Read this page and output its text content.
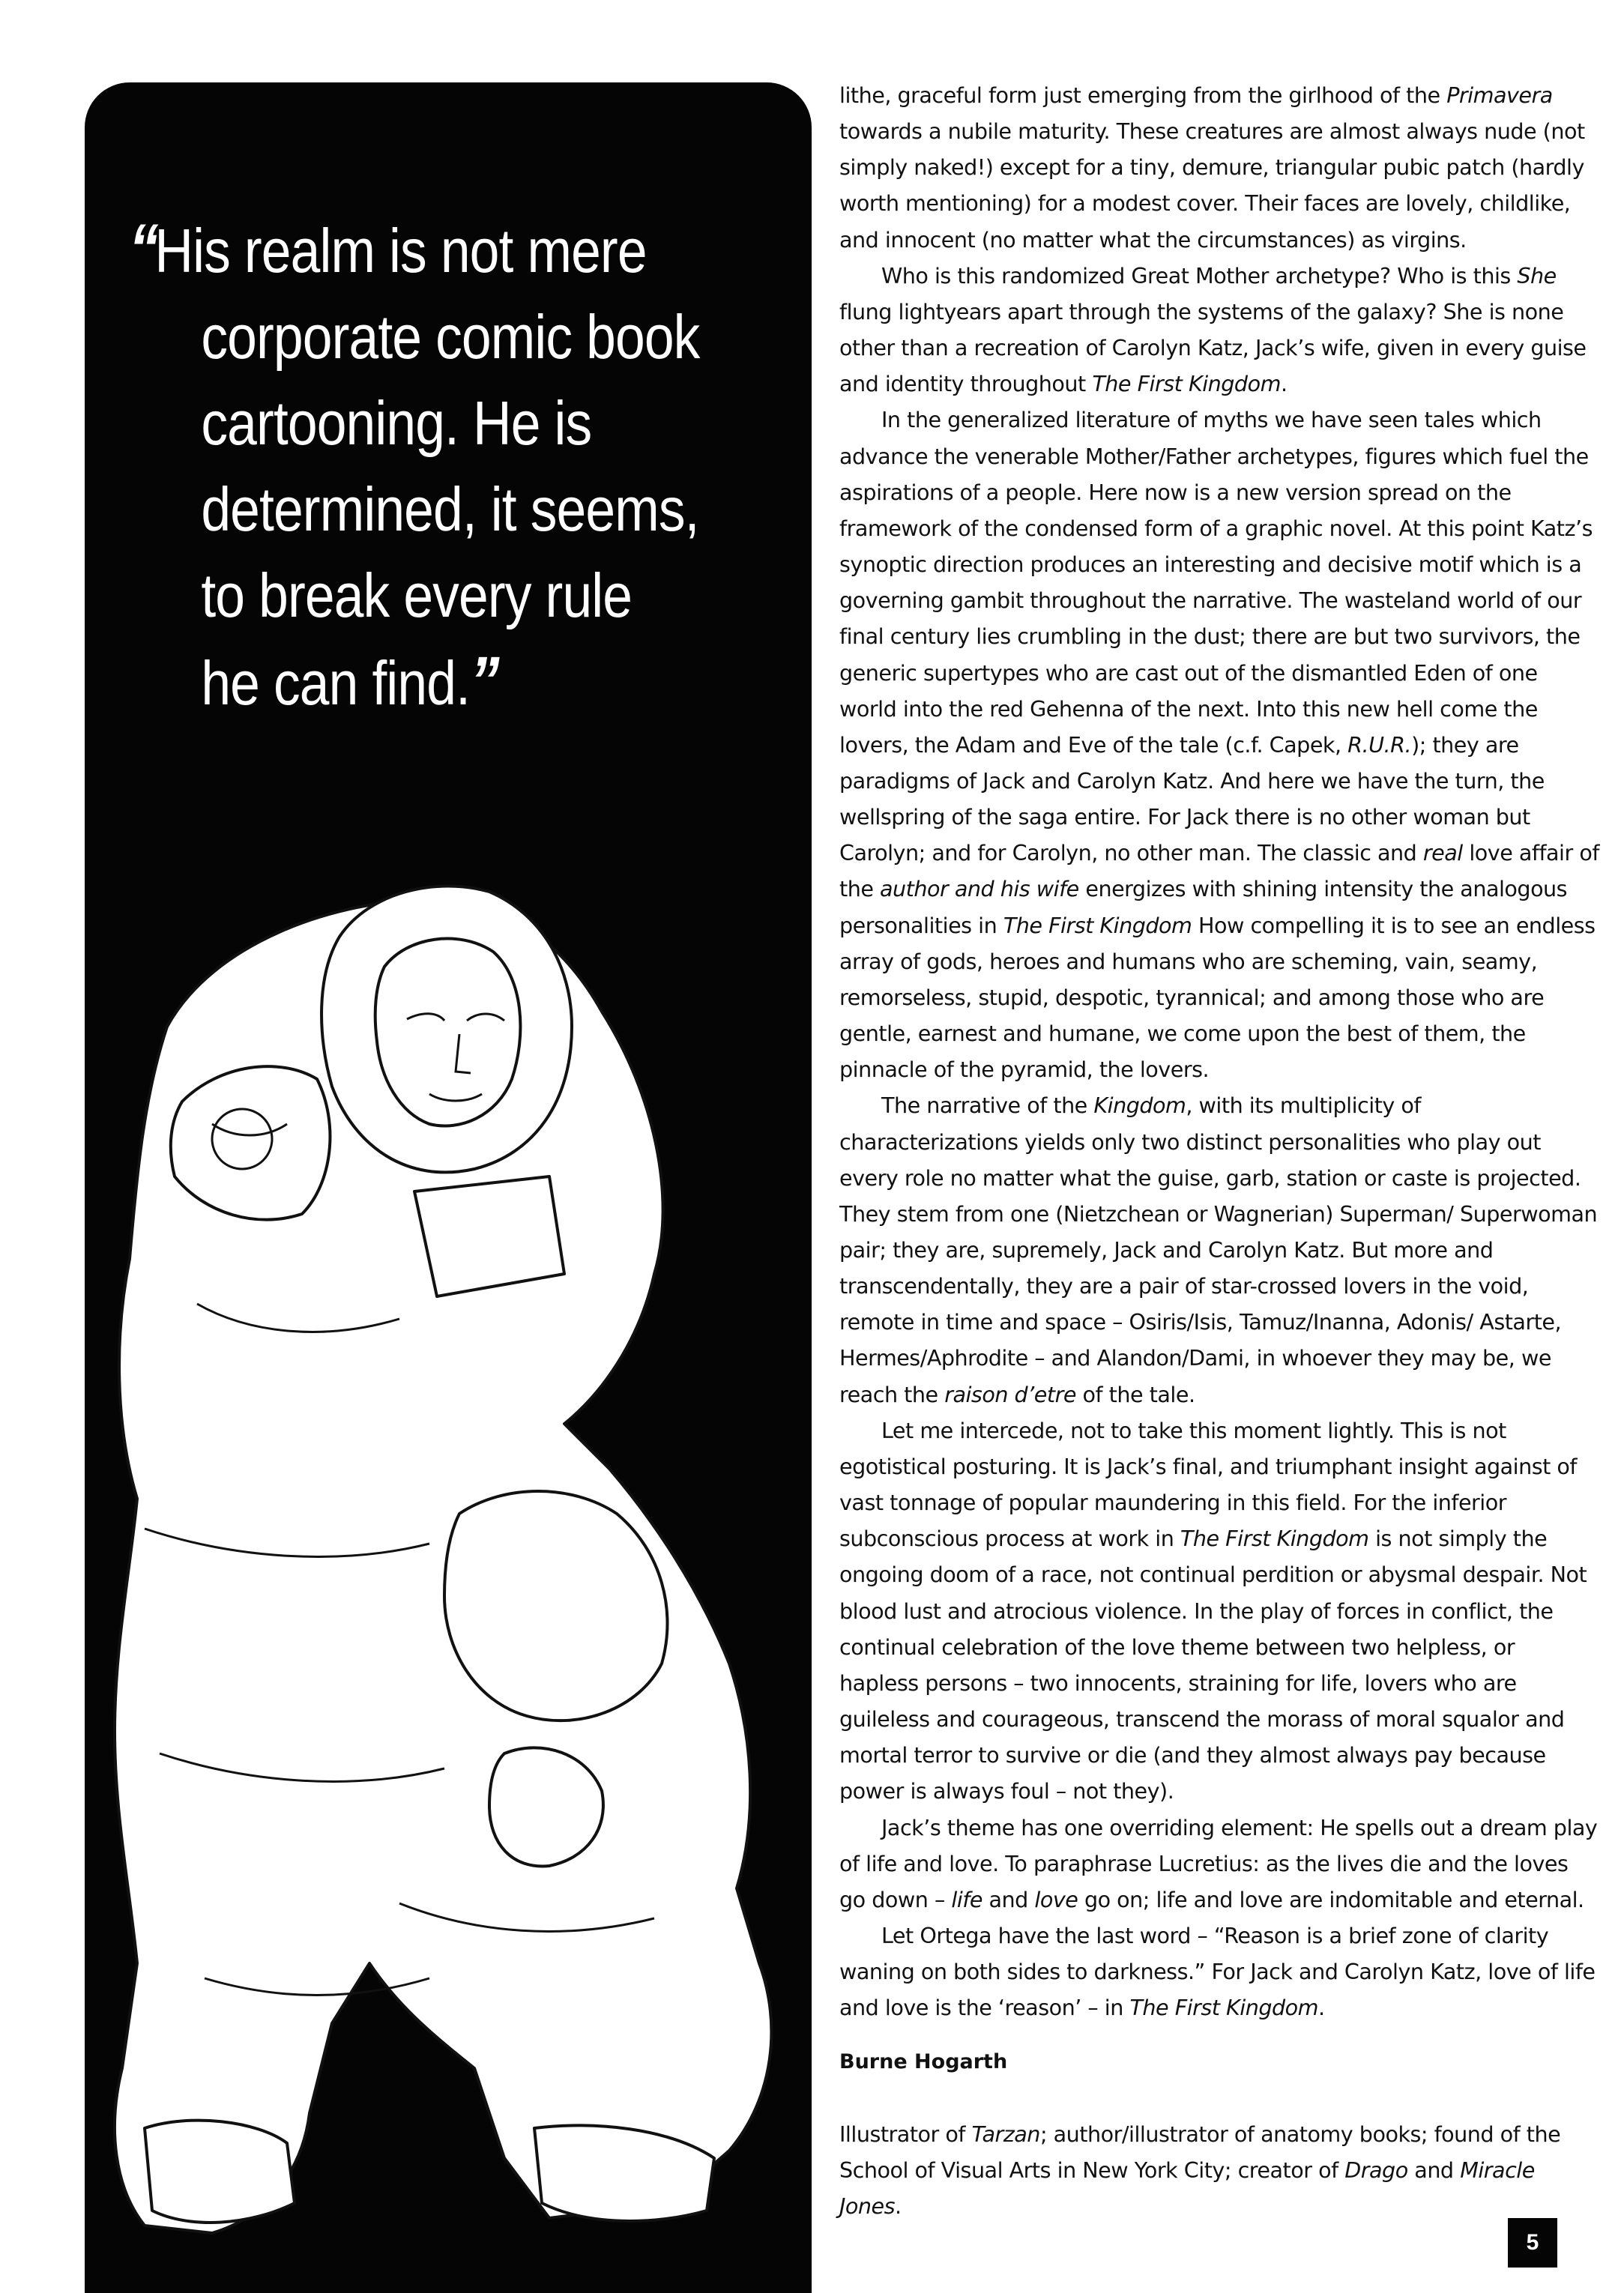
“His realm is not mere
corporate comic book
cartooning. He is
determined, it seems,
to break every rule
he can find.”

lithe, graceful form just emerging from the girlhood of the Primavera towards a nubile maturity. These creatures are almost always nude (not simply naked!) except for a tiny, demure, triangular pubic patch (hardly worth mentioning) for a modest cover. Their faces are lovely, childlike, and innocent (no matter what the circumstances) as virgins.

Who is this randomized Great Mother archetype? Who is this She flung lightyears apart through the systems of the galaxy? She is none other than a recreation of Carolyn Katz, Jack’s wife, given in every guise and identity throughout The First Kingdom.

In the generalized literature of myths we have seen tales which advance the venerable Mother/Father archetypes, figures which fuel the aspirations of a people. Here now is a new version spread on the framework of the condensed form of a graphic novel. At this point Katz’s synoptic direction produces an interesting and decisive motif which is a governing gambit throughout the narrative. The wasteland world of our final century lies crumbling in the dust; there are but two survivors, the generic supertypes who are cast out of the dismantled Eden of one world into the red Gehenna of the next. Into this new hell come the lovers, the Adam and Eve of the tale (c.f. Capek, R.U.R.); they are paradigms of Jack and Carolyn Katz. And here we have the turn, the wellspring of the saga entire. For Jack there is no other woman but Carolyn; and for Carolyn, no other man. The classic and real love affair of the author and his wife energizes with shining intensity the analogous personalities in The First Kingdom How compelling it is to see an endless array of gods, heroes and humans who are scheming, vain, seamy, remorseless, stupid, despotic, tyrannical; and among those who are gentle, earnest and humane, we come upon the best of them, the pinnacle of the pyramid, the lovers.

The narrative of the Kingdom, with its multiplicity of characterizations yields only two distinct personalities who play out every role no matter what the guise, garb, station or caste is projected. They stem from one (Nietzchean or Wagnerian) Superman/ Superwoman pair; they are, supremely, Jack and Carolyn Katz. But more and transcendentally, they are a pair of star-crossed lovers in the void, remote in time and space – Osiris/Isis, Tamuz/Inanna, Adonis/ Astarte, Hermes/Aphrodite – and Alandon/Dami, in whoever they may be, we reach the raison d’etre of the tale.

Let me intercede, not to take this moment lightly. This is not egotistical posturing. It is Jack’s final, and triumphant insight against of vast tonnage of popular maundering in this field. For the inferior subconscious process at work in The First Kingdom is not simply the ongoing doom of a race, not continual perdition or abysmal despair. Not blood lust and atrocious violence. In the play of forces in conflict, the continual celebration of the love theme between two helpless, or hapless persons – two innocents, straining for life, lovers who are guileless and courageous, transcend the morass of moral squalor and mortal terror to survive or die (and they almost always pay because power is always foul – not they).

Jack’s theme has one overriding element: He spells out a dream play of life and love. To paraphrase Lucretius: as the lives die and the loves go down – life and love go on; life and love are indomitable and eternal.

Let Ortega have the last word – “Reason is a brief zone of clarity waning on both sides to darkness.” For Jack and Carolyn Katz, love of life and love is the ‘reason’ – in The First Kingdom.

Burne Hogarth
Illustrator of Tarzan; author/illustrator of anatomy books; found of the School of Visual Arts in New York City; creator of Drago and Miracle Jones.
5
